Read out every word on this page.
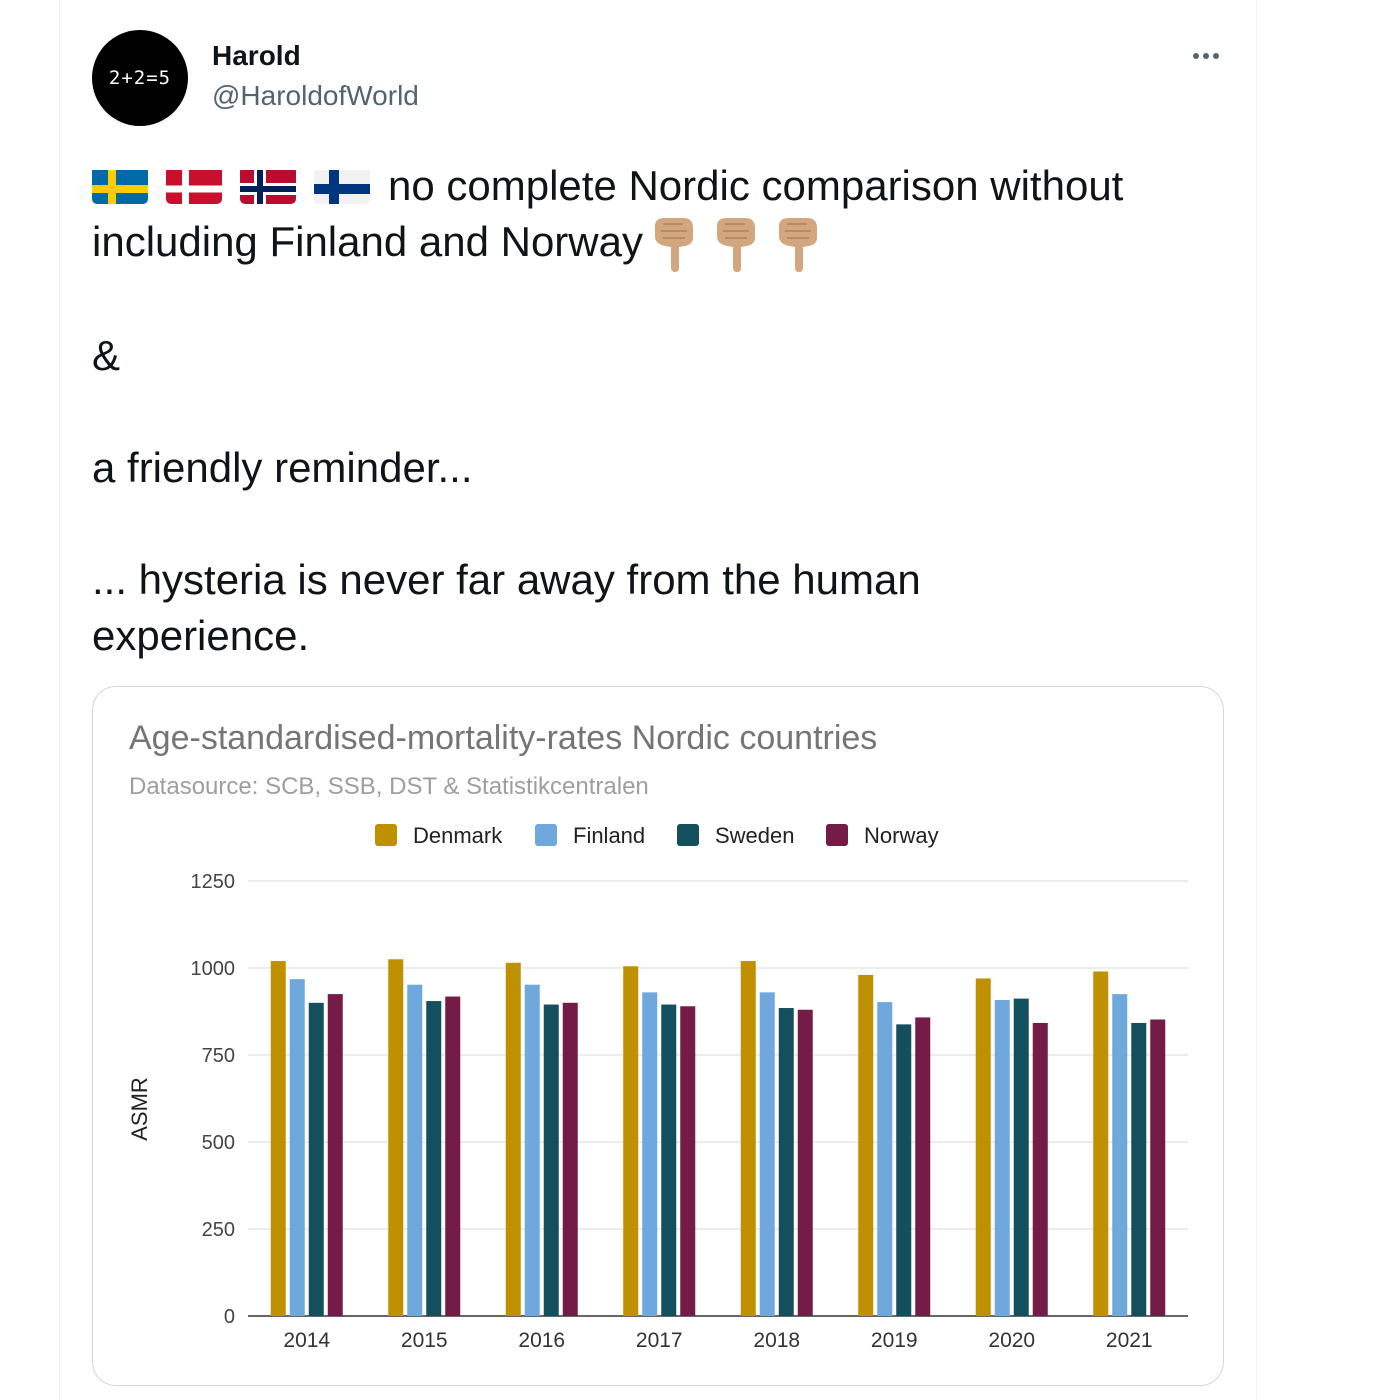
2+2=5
Harold
@HaroldofWorld

no complete Nordic comparison without including Finland and Norway

&

a friendly reminder...

... hysteria is never far away from the human experience.

Age-standardised-mortality-rates Nordic countries
Datasource: SCB, SSB, DST & Statistikcentralen
0
250
500
750
1000
1250
ASMR
Denmark	Finland	Sweden	Norway
2014	2015	2016	2017	2018	2019	2020	2021
